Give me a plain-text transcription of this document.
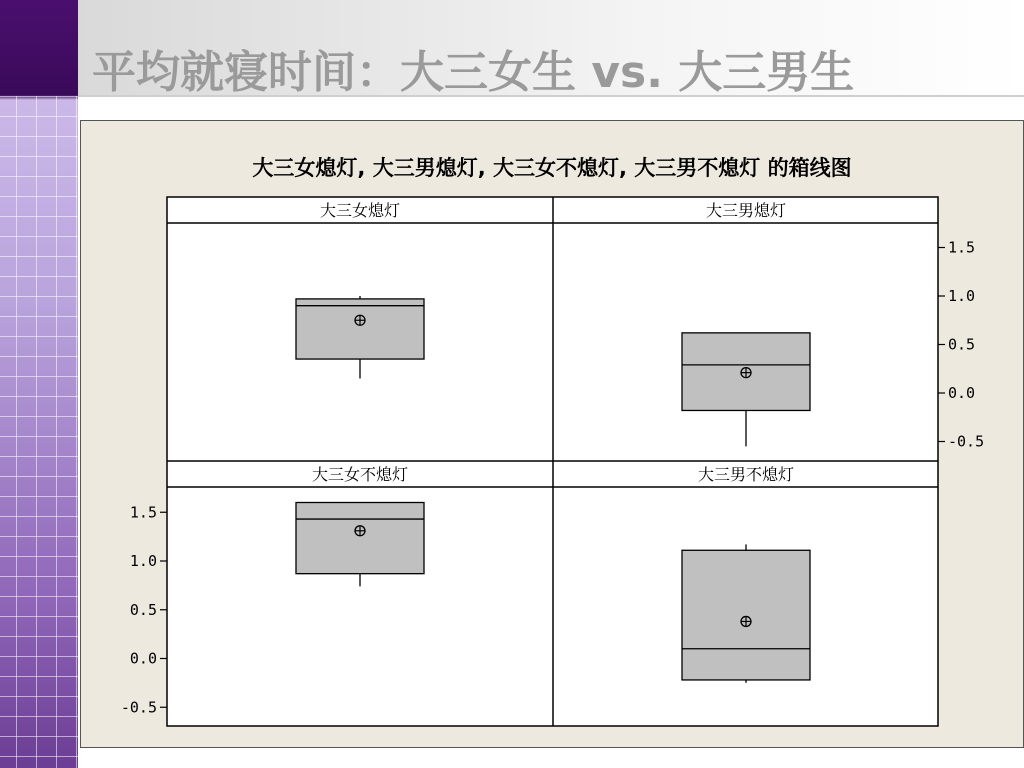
平均就寝时间：大三女生 vs. 大三男生
大三女熄灯, 大三男熄灯, 大三女不熄灯, 大三男不熄灯 的箱线图
大三女熄灯	大三男熄灯
大三女不熄灯	大三男不熄灯
-0.5
0.0
0.5
1.0
1.5
-0.5
0.0
0.5
1.0
1.5
